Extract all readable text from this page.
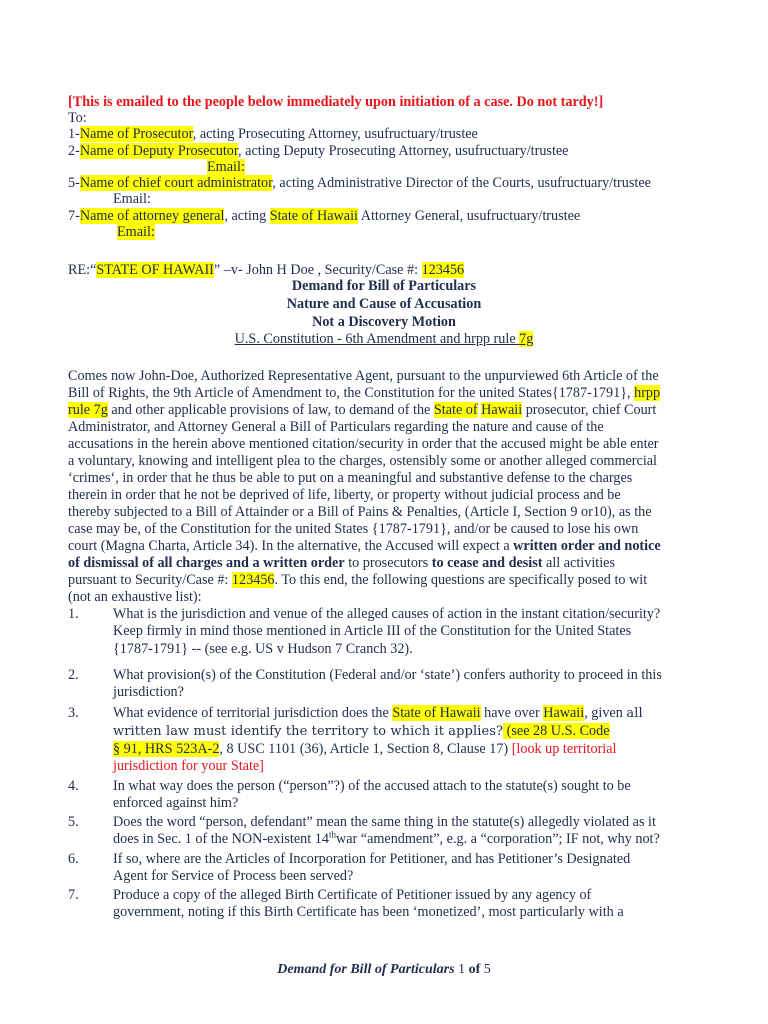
[This is emailed to the people below immediately upon initiation of a case. Do not tardy!]
To:
1-Name of Prosecutor, acting Prosecuting Attorney, usufructuary/trustee
2-Name of Deputy Prosecutor, acting Deputy Prosecuting Attorney, usufructuary/trustee
Email:
5-Name of chief court administrator, acting Administrative Director of the Courts, usufructuary/trustee
Email:
7-Name of attorney general, acting State of Hawaii Attorney General, usufructuary/trustee
Email:
RE:“STATE OF HAWAII” –v- John H Doe , Security/Case #: 123456
Demand for Bill of Particulars
Nature and Cause of Accusation
Not a Discovery Motion
U.S. Constitution - 6th Amendment and hrpp rule 7g
Comes now John-Doe, Authorized Representative Agent, pursuant to the unpurviewed 6th Article of the
Bill of Rights, the 9th Article of Amendment to, the Constitution for the united States{1787-1791}, hrpp
rule 7g and other applicable provisions of law, to demand of the State of Hawaii prosecutor, chief Court
Administrator, and Attorney General a Bill of Particulars regarding the nature and cause of the
accusations in the herein above mentioned citation/security in order that the accused might be able enter
a voluntary, knowing and intelligent plea to the charges, ostensibly some or another alleged commercial
‘crimes‘, in order that he thus be able to put on a meaningful and substantive defense to the charges
therein in order that he not be deprived of life, liberty, or property without judicial process and be
thereby subjected to a Bill of Attainder or a Bill of Pains & Penalties, (Article I, Section 9 or10), as the
case may be, of the Constitution for the united States {1787-1791}, and/or be caused to lose his own
court (Magna Charta, Article 34). In the alternative, the Accused will expect a written order and notice
of dismissal of all charges and a written order to prosecutors to cease and desist all activities
pursuant to Security/Case #: 123456. To this end, the following questions are specifically posed to wit
(not an exhaustive list):
1. What is the jurisdiction and venue of the alleged causes of action in the instant citation/security?
Keep firmly in mind those mentioned in Article III of the Constitution for the United States
{1787-1791} -- (see e.g. US v Hudson 7 Cranch 32).
2. What provision(s) of the Constitution (Federal and/or ‘state’) confers authority to proceed in this
jurisdiction?
3. What evidence of territorial jurisdiction does the State of Hawaii have over Hawaii, given all
written law must identify the territory to which it applies? (see 28 U.S. Code
§ 91, HRS 523A-2, 8 USC 1101 (36), Article 1, Section 8, Clause 17) [look up territorial
jurisdiction for your State]
4. In what way does the person (“person”?) of the accused attach to the statute(s) sought to be
enforced against him?
5. Does the word “person, defendant” mean the same thing in the statute(s) allegedly violated as it
does in Sec. 1 of the NON-existent 14thwar “amendment”, e.g. a “corporation”; IF not, why not?
6. If so, where are the Articles of Incorporation for Petitioner, and has Petitioner’s Designated
Agent for Service of Process been served?
7. Produce a copy of the alleged Birth Certificate of Petitioner issued by any agency of
government, noting if this Birth Certificate has been ‘monetized’, most particularly with a
Demand for Bill of Particulars 1 of 5
